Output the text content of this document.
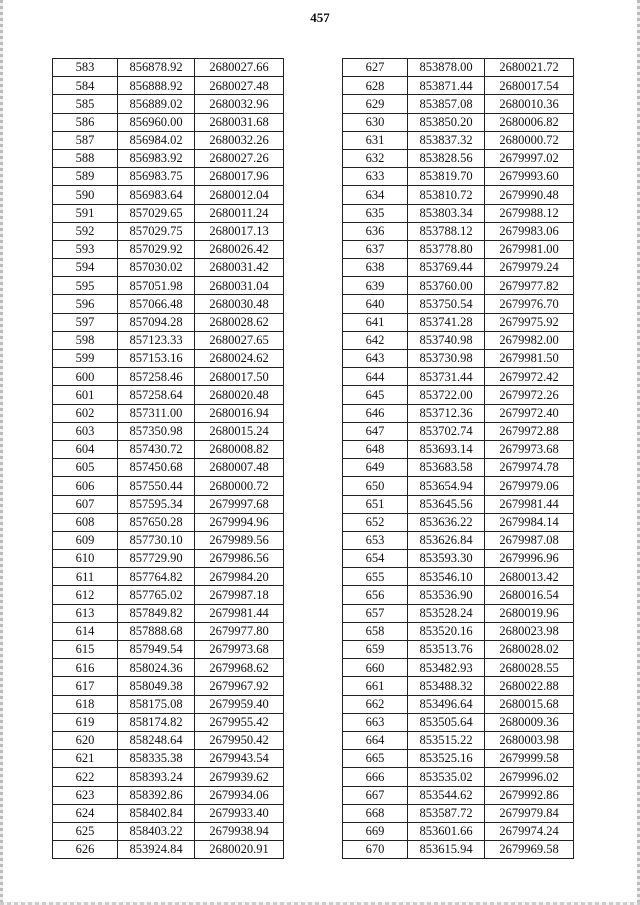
457
583	856878.92	2680027.66
584	856888.92	2680027.48
585	856889.02	2680032.96
586	856960.00	2680031.68
587	856984.02	2680032.26
588	856983.92	2680027.26
589	856983.75	2680017.96
590	856983.64	2680012.04
591	857029.65	2680011.24
592	857029.75	2680017.13
593	857029.92	2680026.42
594	857030.02	2680031.42
595	857051.98	2680031.04
596	857066.48	2680030.48
597	857094.28	2680028.62
598	857123.33	2680027.65
599	857153.16	2680024.62
600	857258.46	2680017.50
601	857258.64	2680020.48
602	857311.00	2680016.94
603	857350.98	2680015.24
604	857430.72	2680008.82
605	857450.68	2680007.48
606	857550.44	2680000.72
607	857595.34	2679997.68
608	857650.28	2679994.96
609	857730.10	2679989.56
610	857729.90	2679986.56
611	857764.82	2679984.20
612	857765.02	2679987.18
613	857849.82	2679981.44
614	857888.68	2679977.80
615	857949.54	2679973.68
616	858024.36	2679968.62
617	858049.38	2679967.92
618	858175.08	2679959.40
619	858174.82	2679955.42
620	858248.64	2679950.42
621	858335.38	2679943.54
622	858393.24	2679939.62
623	858392.86	2679934.06
624	858402.84	2679933.40
625	858403.22	2679938.94
626	853924.84	2680020.91
627	853878.00	2680021.72
628	853871.44	2680017.54
629	853857.08	2680010.36
630	853850.20	2680006.82
631	853837.32	2680000.72
632	853828.56	2679997.02
633	853819.70	2679993.60
634	853810.72	2679990.48
635	853803.34	2679988.12
636	853788.12	2679983.06
637	853778.80	2679981.00
638	853769.44	2679979.24
639	853760.00	2679977.82
640	853750.54	2679976.70
641	853741.28	2679975.92
642	853740.98	2679982.00
643	853730.98	2679981.50
644	853731.44	2679972.42
645	853722.00	2679972.26
646	853712.36	2679972.40
647	853702.74	2679972.88
648	853693.14	2679973.68
649	853683.58	2679974.78
650	853654.94	2679979.06
651	853645.56	2679981.44
652	853636.22	2679984.14
653	853626.84	2679987.08
654	853593.30	2679996.96
655	853546.10	2680013.42
656	853536.90	2680016.54
657	853528.24	2680019.96
658	853520.16	2680023.98
659	853513.76	2680028.02
660	853482.93	2680028.55
661	853488.32	2680022.88
662	853496.64	2680015.68
663	853505.64	2680009.36
664	853515.22	2680003.98
665	853525.16	2679999.58
666	853535.02	2679996.02
667	853544.62	2679992.86
668	853587.72	2679979.84
669	853601.66	2679974.24
670	853615.94	2679969.58
